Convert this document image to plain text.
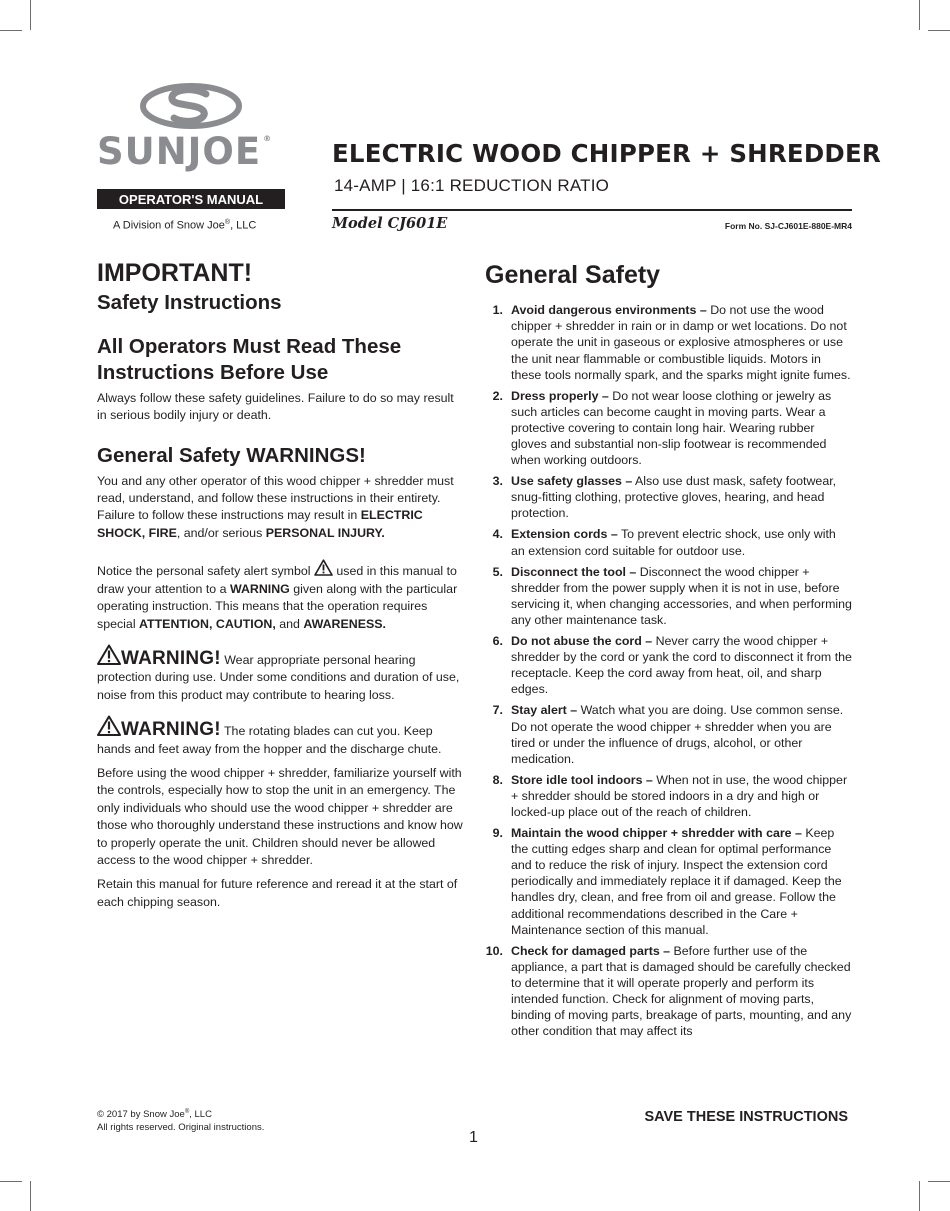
SUNJOE ®
OPERATOR'S MANUAL
A Division of Snow Joe®, LLC
ELECTRIC WOOD CHIPPER + SHREDDER
14-AMP | 16:1 REDUCTION RATIO
Model CJ601E	Form No. SJ-CJ601E-880E-MR4
IMPORTANT!
Safety Instructions
All Operators Must Read These
Instructions Before Use

Always follow these safety guidelines. Failure to do so may result in serious bodily injury or death.

General Safety WARNINGS!

You and any other operator of this wood chipper + shredder must read, understand, and follow these instructions in their entirety. Failure to follow these instructions may result in ELECTRIC SHOCK, FIRE, and/or serious PERSONAL INJURY.

Notice the personal safety alert symbol  used in this manual to draw your attention to a WARNING given along with the particular operating instruction. This means that the operation requires special ATTENTION, CAUTION, and AWARENESS.

WARNING! Wear appropriate personal hearing protection during use. Under some conditions and duration of use, noise from this product may contribute to hearing loss.

WARNING! The rotating blades can cut you. Keep hands and feet away from the hopper and the discharge chute.

Before using the wood chipper + shredder, familiarize yourself with the controls, especially how to stop the unit in an emergency. The only individuals who should use the wood chipper + shredder are those who thoroughly understand these instructions and know how to properly operate the unit. Children should never be allowed access to the wood chipper + shredder.

Retain this manual for future reference and reread it at the start of each chipping season.

General Safety
1. Avoid dangerous environments – Do not use the wood chipper + shredder in rain or in damp or wet locations. Do not operate the unit in gaseous or explosive atmospheres or use the unit near flammable or combustible liquids. Motors in these tools normally spark, and the sparks might ignite fumes.
2. Dress properly – Do not wear loose clothing or jewelry as such articles can become caught in moving parts. Wear a protective covering to contain long hair. Wearing rubber gloves and substantial non-slip footwear is recommended when working outdoors.
3. Use safety glasses – Also use dust mask, safety footwear, snug-fitting clothing, protective gloves, hearing, and head protection.
4. Extension cords – To prevent electric shock, use only with an extension cord suitable for outdoor use.
5. Disconnect the tool – Disconnect the wood chipper + shredder from the power supply when it is not in use, before servicing it, when changing accessories, and when performing any other maintenance task.
6. Do not abuse the cord – Never carry the wood chipper + shredder by the cord or yank the cord to disconnect it from the receptacle. Keep the cord away from heat, oil, and sharp edges.
7. Stay alert – Watch what you are doing. Use common sense. Do not operate the wood chipper + shredder when you are tired or under the influence of drugs, alcohol, or other medication.
8. Store idle tool indoors – When not in use, the wood chipper + shredder should be stored indoors in a dry and high or locked-up place out of the reach of children.
9. Maintain the wood chipper + shredder with care – Keep the cutting edges sharp and clean for optimal performance and to reduce the risk of injury. Inspect the extension cord periodically and immediately replace it if damaged. Keep the handles dry, clean, and free from oil and grease. Follow the additional recommendations described in the Care + Maintenance section of this manual.
10. Check for damaged parts – Before further use of the appliance, a part that is damaged should be carefully checked to determine that it will operate properly and perform its intended function. Check for alignment of moving parts, binding of moving parts, breakage of parts, mounting, and any other condition that may affect its
© 2017 by Snow Joe®, LLC
All rights reserved. Original instructions.
SAVE THESE INSTRUCTIONS
1
